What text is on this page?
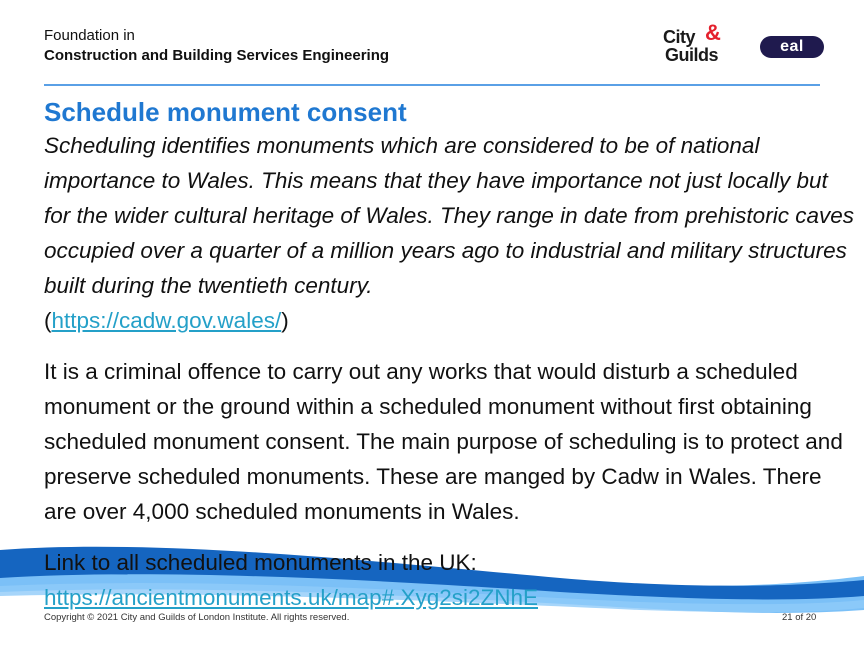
Foundation in
Construction and Building Services Engineering
City &
Guilds	eal
Schedule monument consent

Scheduling identifies monuments which are considered to be of national importance to Wales. This means that they have importance not just locally but for the wider cultural heritage of Wales. They range in date from prehistoric caves occupied over a quarter of a million years ago to industrial and military structures built during the twentieth century.
(https://cadw.gov.wales/)

It is a criminal offence to carry out any works that would disturb a scheduled monument or the ground within a scheduled monument without first obtaining scheduled monument consent. The main purpose of scheduling is to protect and preserve scheduled monuments. These are manged by Cadw in Wales. There are over 4,000 scheduled monuments in Wales.

Link to all scheduled monuments in the UK:
https://ancientmonuments.uk/map#.Xyg2si2ZNhE

Copyright © 2021 City and Guilds of London Institute. All rights reserved.	21 of 20
